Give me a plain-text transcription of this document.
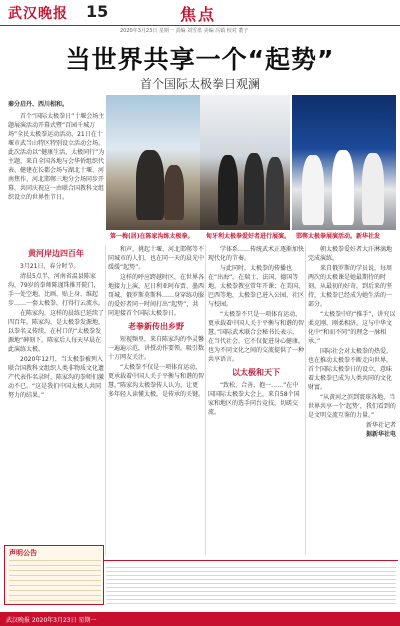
武汉晚报 15	焦点
2020年3月23日 星期一 责编 刘雪墨 美编 冯镇 校对 董子
当世界共享一个“起势”
首个国际太极拳日观澜
秦分启丹、西川相和。
首个“国际太极拳日”十堰会场主题展演活动开幕式暨“百园千城万场”全民太极拳运动活动，21日在十堰市武当山特区特别设立活动会场。此次活动以“健康生活，太极同行”为主题，来自全国各地与会华侨组织代表、健建在长都会场与湖北十堰、河南焦作、河北邯郸三地分会场同步开幕，共同庆祝这一由联合国教科文组织设立的世界性节日。
第一梅(居)在陈家沟练太极拳。 甸牙利太极拳爱好者进行展演。 邯郸太极拳展演活动。新华社发
黄河岸边四百年

3月21日，春分时节。

清晨5点半，河南省温县陈家沟，79岁的拳师陈谨珠推开院门，手一处空地，比画、贴上身、维起步……一套太极拳，打得行云流水。

在陈家沟，这样的晨练已延续了四百年。陈家沟，是太极拳发源地，以拳名义传续，在村口的“太极拳发源地”碑刻下，陈家后人每天早晨在此演练太极。

2020年12月，当太极拳被列入联合国教科文组织人类非物质文化遗产代表作名录时，陈家沟的拳师们激动不已。“这是我们中国太极人共同努力的结果。”

和声，挑起十堰、河北邯郸等不同城市的人们，也在同一天的晨光中缓缓“起势”。

这样的呼应跨越时区，在世界各地接力上演，尼日利亚阿布贾、墨西哥城、俄罗斯莫斯科……身穿练功服的爱好者同一时间打出“起势”，共同迎接首个国际太极拳日。

老拳新传出乡野

短视频里，来自陈家沟的李灵馨一遍遍示范，讲授动作要领，吸引数十万网友关注。

“太极拳不仅是一项体育运动，更承载着中国人关于平衡与和谐的智慧。”陈家沟太极拳传人认为，让更多年轻人读懂太极，是传承的关键。

学体系……传统武术正逐渐加快现代化的节奏。

与此同时，太极拳的传播也在“出海”。在瑞士、法国、德国等地，太极拳教室常年开课；在美国、巴西等地，太极拳已进入公园、社区与校园。

“太极拳不只是一项体育运动，更承载着中国人关于平衡与和谐的智慧。”国际武术联合会秘书长表示，在当代社会，它不仅促进身心健康，也为不同文化之间的交流提供了一种共享语言。

以太极和天下

“致松、合善、抱一……”在中国国际太极拳大会上，来自58个国家和地区的选手同台竞技，切磋交流。

朝太极拳爱好者大汗淋漓地完成演练。

来自俄罗斯的学员说，每周两次的太极课是她最期待的时刻。从最初的好奇，到后来的坚持，太极拳已经成为她生活的一部分。

“太极拳中的“推手”，讲究以柔克刚、刚柔相济，这与中华文化中“和而不同”的理念一脉相承。”

国际社会对太极拳的热爱，也在推动太极拳不断走向世界。首个国际太极拳日的设立，意味着太极拳已成为人类共同的文化财富。

“从黄河之滨到寰球各地，当世界共享一个‘起势’，我们看到的是文明交流互鉴的力量。”

新华社记者

据新华社电

声明公告
武汉晚报 2020年3月23日 星期一
